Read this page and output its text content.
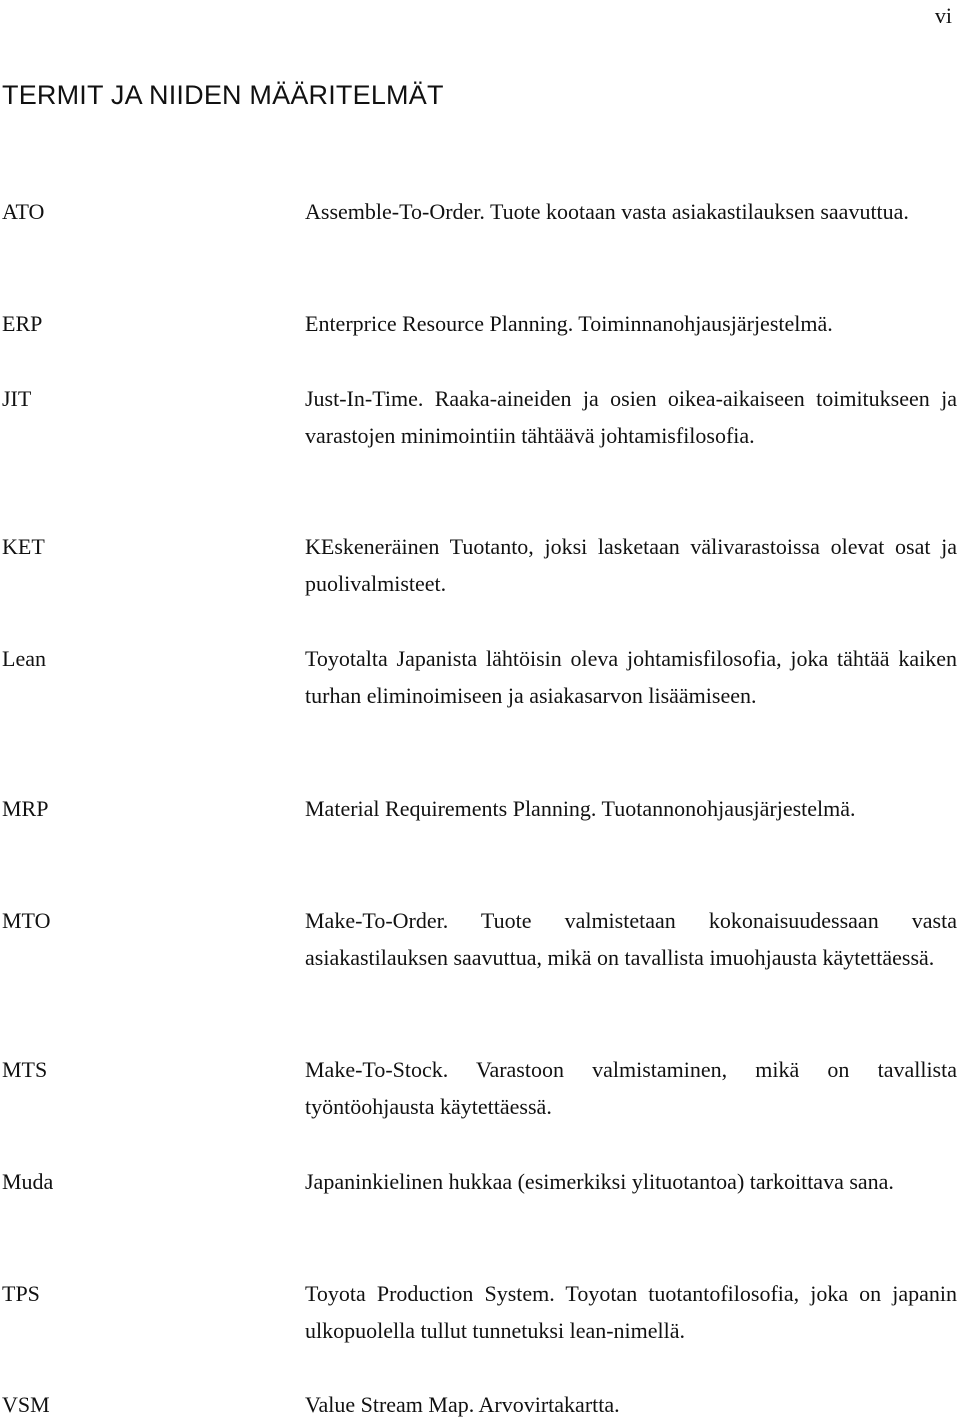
vi
TERMIT JA NIIDEN MÄÄRITELMÄT
ATO	Assemble-To-Order. Tuote kootaan vasta asiakastilauksen saavuttua.
ERP	Enterprice Resource Planning. Toiminnanohjausjärjestelmä.
JIT	Just-In-Time. Raaka-aineiden ja osien oikea-aikaiseen toimitukseen ja varastojen minimointiin tähtäävä johtamisfilosofia.
KET	KEskeneräinen Tuotanto, joksi lasketaan välivarastoissa olevat osat ja puolivalmisteet.
Lean	Toyotalta Japanista lähtöisin oleva johtamisfilosofia, joka tähtää kaiken turhan eliminoimiseen ja asiakasarvon lisäämiseen.
MRP	Material Requirements Planning. Tuotannonohjausjärjestelmä.
MTO	Make-To-Order. Tuote valmistetaan kokonaisuudessaan vasta asiakastilauksen saavuttua, mikä on tavallista imuohjausta käytettäessä.
MTS	Make-To-Stock. Varastoon valmistaminen, mikä on tavallista työntöohjausta käytettäessä.
Muda	Japaninkielinen hukkaa (esimerkiksi ylituotantoa) tarkoittava sana.
TPS	Toyota Production System. Toyotan tuotantofilosofia, joka on japanin ulkopuolella tullut tunnetuksi lean-nimellä.
VSM	Value Stream Map. Arvovirtakartta.
